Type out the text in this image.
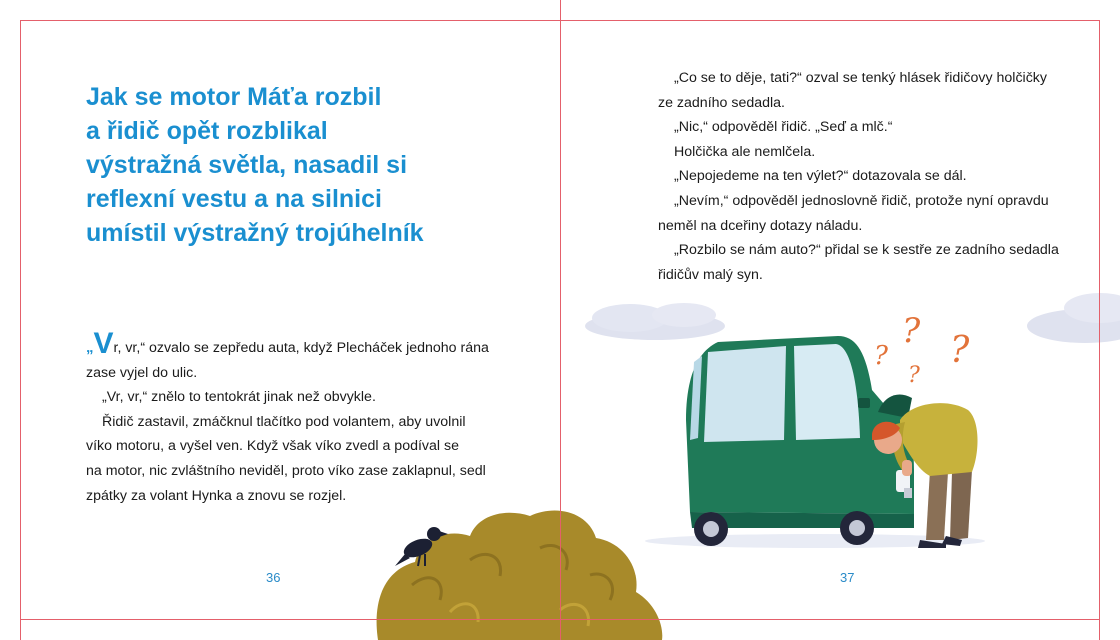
?
? ?
?
Jak se motor Máťa rozbil
a řidič opět rozblikal
výstražná světla, nasadil si
reflexní vestu a na silnici
umístil výstražný trojúhelník

„Vr, vr,“ ozvalo se zepředu auta, když Plecháček jednoho rána

zase vyjel do ulic.

„Vr, vr,“ znělo to tentokrát jinak než obvykle.

Řidič zastavil, zmáčknul tlačítko pod volantem, aby uvolnil

víko motoru, a vyšel ven. Když však víko zvedl a podíval se

na motor, nic zvláštního neviděl, proto víko zase zaklapnul, sedl

zpátky za volant Hynka a znovu se rozjel.

36	37

„Co se to děje, tati?“ ozval se tenký hlásek řidičovy holčičky

ze zadního sedadla.

„Nic,“ odpověděl řidič. „Seď a mlč.“

Holčička ale nemlčela.

„Nepojedeme na ten výlet?“ dotazovala se dál.

„Nevím,“ odpověděl jednoslovně řidič, protože nyní opravdu

neměl na dceřiny dotazy náladu.

„Rozbilo se nám auto?“ přidal se k sestře ze zadního sedadla

řidičův malý syn.
